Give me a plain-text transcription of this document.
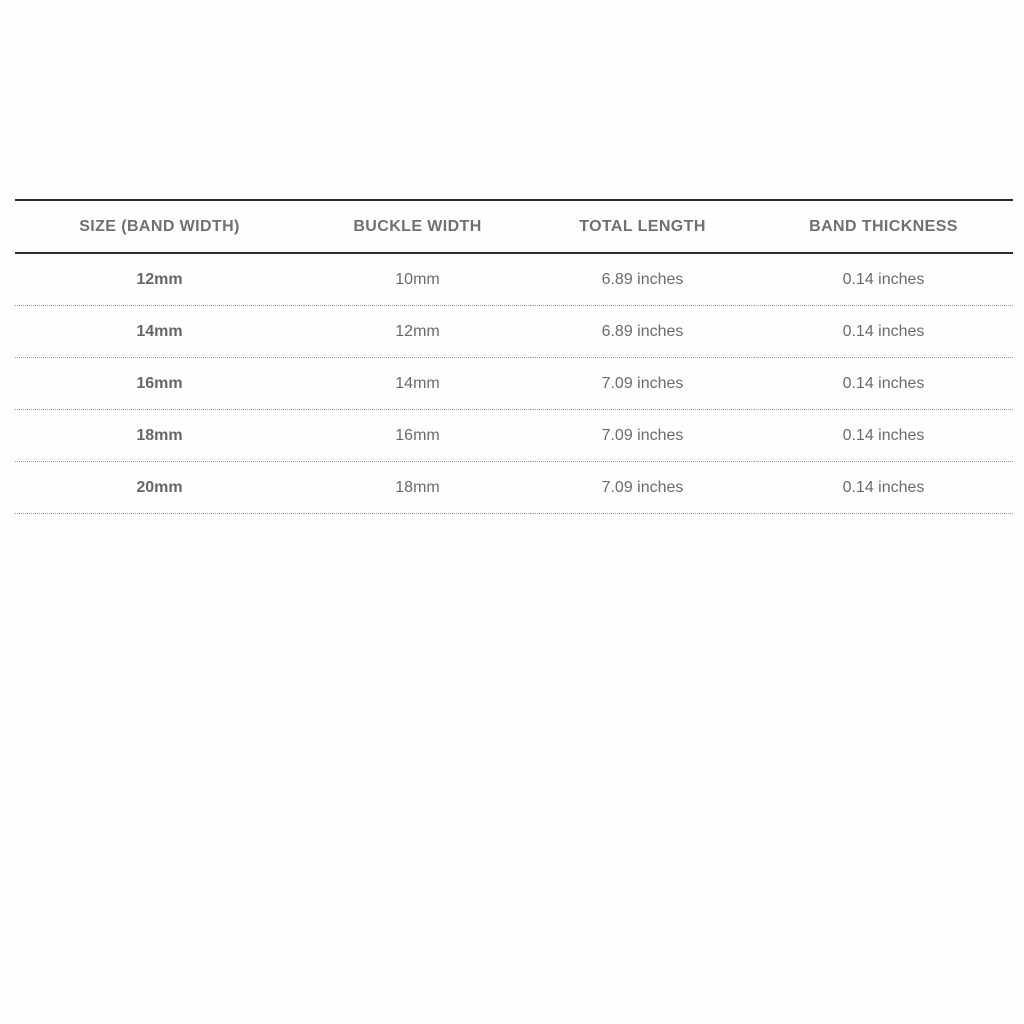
SIZE (BAND WIDTH)	BUCKLE WIDTH	TOTAL LENGTH	BAND THICKNESS
12mm	10mm	6.89 inches	0.14 inches
14mm	12mm	6.89 inches	0.14 inches
16mm	14mm	7.09 inches	0.14 inches
18mm	16mm	7.09 inches	0.14 inches
20mm	18mm	7.09 inches	0.14 inches
